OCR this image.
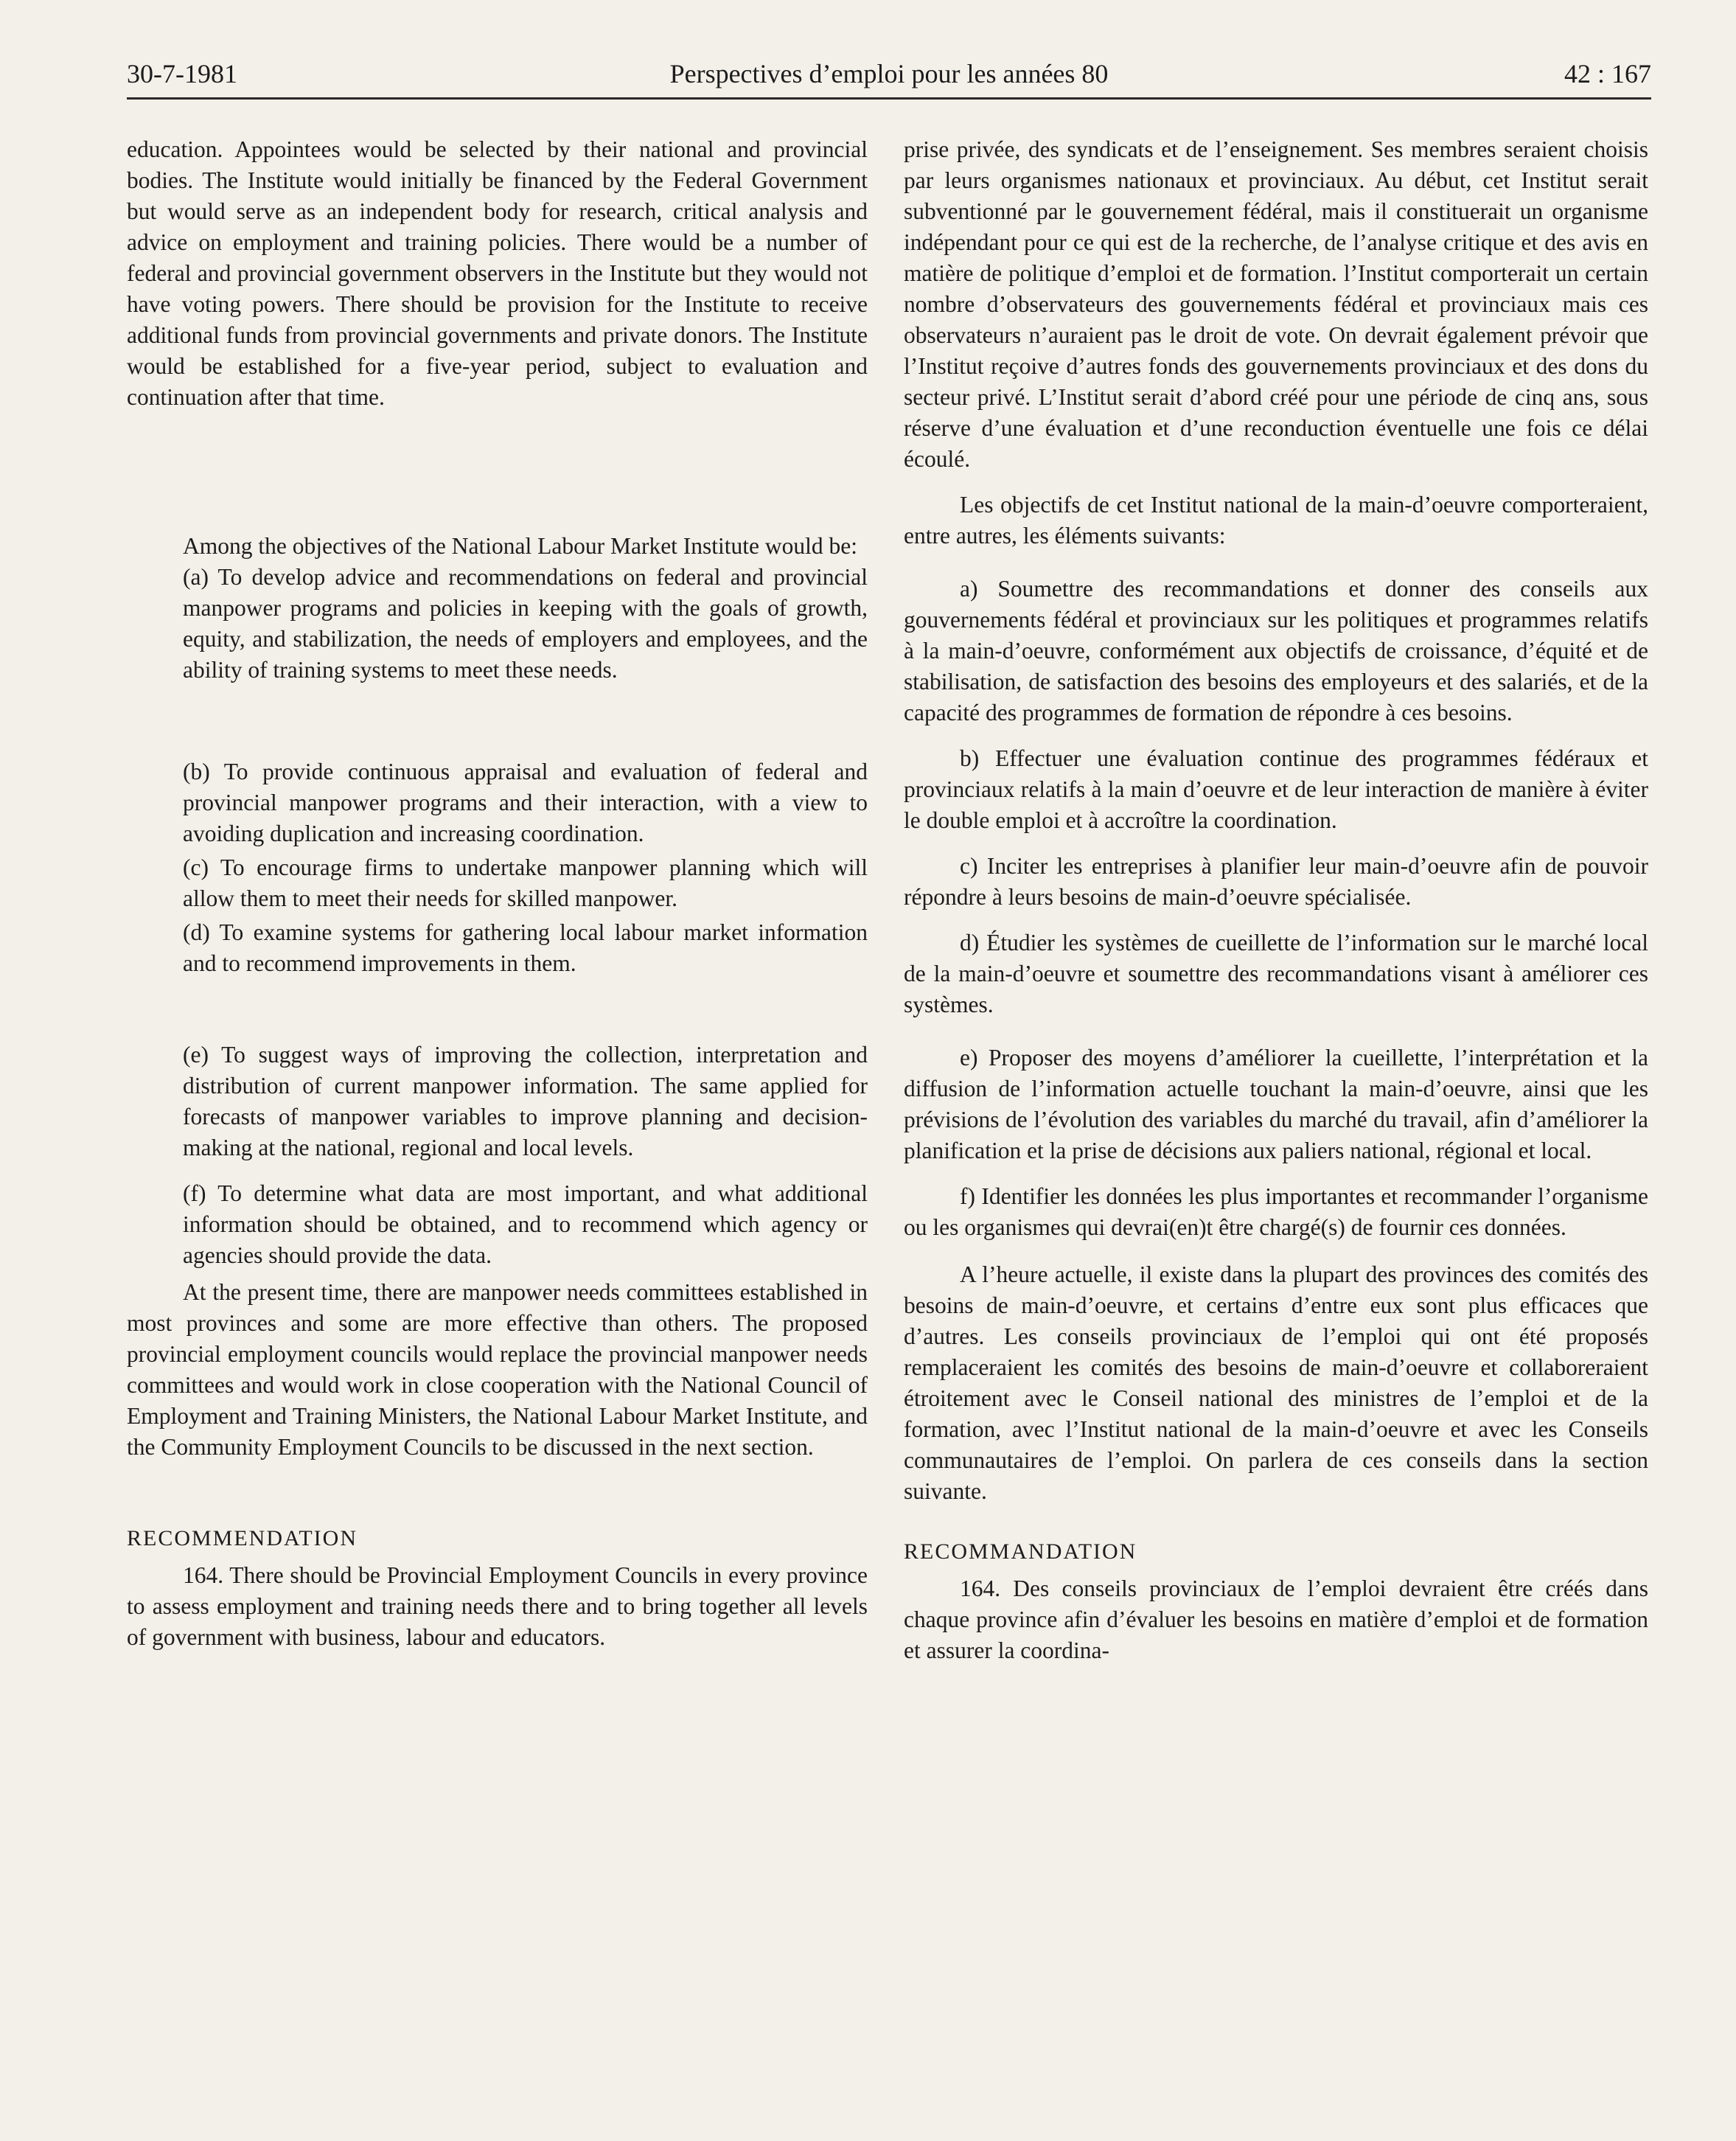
30-7-1981	Perspectives d’emploi pour les années 80	42 : 167

education. Appointees would be selected by their national and provincial bodies. The Institute would initially be financed by the Federal Government but would serve as an independent body for research, critical analysis and advice on employment and training policies. There would be a number of federal and provincial government observers in the Institute but they would not have voting powers. There should be provision for the Institute to receive additional funds from provincial governments and private donors. The Institute would be established for a five-year period, subject to evaluation and continuation after that time.

Among the objectives of the National Labour Market Institute would be:

(a) To develop advice and recommendations on federal and provincial manpower programs and policies in keeping with the goals of growth, equity, and stabilization, the needs of employers and employees, and the ability of training systems to meet these needs.

(b) To provide continuous appraisal and evaluation of federal and provincial manpower programs and their interaction, with a view to avoiding duplication and increasing coordination.

(c) To encourage firms to undertake manpower planning which will allow them to meet their needs for skilled manpower.

(d) To examine systems for gathering local labour market information and to recommend improvements in them.

(e) To suggest ways of improving the collection, interpretation and distribution of current manpower information. The same applied for forecasts of manpower variables to improve planning and decision-making at the national, regional and local levels.

(f) To determine what data are most important, and what additional information should be obtained, and to recommend which agency or agencies should provide the data.

At the present time, there are manpower needs committees established in most provinces and some are more effective than others. The proposed provincial employment councils would replace the provincial manpower needs committees and would work in close cooperation with the National Council of Employment and Training Ministers, the National Labour Market Institute, and the Community Employment Councils to be discussed in the next section.

RECOMMENDATION

164. There should be Provincial Employment Councils in every province to assess employment and training needs there and to bring together all levels of government with business, labour and educators.

prise privée, des syndicats et de l’enseignement. Ses membres seraient choisis par leurs organismes nationaux et provinciaux. Au début, cet Institut serait subventionné par le gouvernement fédéral, mais il constituerait un organisme indépendant pour ce qui est de la recherche, de l’analyse critique et des avis en matière de politique d’emploi et de formation. l’Institut comporterait un certain nombre d’observateurs des gouvernements fédéral et provinciaux mais ces observateurs n’auraient pas le droit de vote. On devrait également prévoir que l’Institut reçoive d’autres fonds des gouvernements provinciaux et des dons du secteur privé. L’Institut serait d’abord créé pour une période de cinq ans, sous réserve d’une évaluation et d’une reconduction éventuelle une fois ce délai écoulé.

Les objectifs de cet Institut national de la main-d’oeuvre comporteraient, entre autres, les éléments suivants:

a) Soumettre des recommandations et donner des conseils aux gouvernements fédéral et provinciaux sur les politiques et programmes relatifs à la main-d’oeuvre, conformément aux objectifs de croissance, d’équité et de stabilisation, de satisfaction des besoins des employeurs et des salariés, et de la capacité des programmes de formation de répondre à ces besoins.

b) Effectuer une évaluation continue des programmes fédéraux et provinciaux relatifs à la main d’oeuvre et de leur interaction de manière à éviter le double emploi et à accroître la coordination.

c) Inciter les entreprises à planifier leur main-d’oeuvre afin de pouvoir répondre à leurs besoins de main-d’oeuvre spécialisée.

d) Étudier les systèmes de cueillette de l’information sur le marché local de la main-d’oeuvre et soumettre des recommandations visant à améliorer ces systèmes.

e) Proposer des moyens d’améliorer la cueillette, l’interprétation et la diffusion de l’information actuelle touchant la main-d’oeuvre, ainsi que les prévisions de l’évolution des variables du marché du travail, afin d’améliorer la planification et la prise de décisions aux paliers national, régional et local.

f) Identifier les données les plus importantes et recommander l’organisme ou les organismes qui devrai(en)t être chargé(s) de fournir ces données.

A l’heure actuelle, il existe dans la plupart des provinces des comités des besoins de main-d’oeuvre, et certains d’entre eux sont plus efficaces que d’autres. Les conseils provinciaux de l’emploi qui ont été proposés remplaceraient les comités des besoins de main-d’oeuvre et collaboreraient étroitement avec le Conseil national des ministres de l’emploi et de la formation, avec l’Institut national de la main-d’oeuvre et avec les Conseils communautaires de l’emploi. On parlera de ces conseils dans la section suivante.

RECOMMANDATION

164. Des conseils provinciaux de l’emploi devraient être créés dans chaque province afin d’évaluer les besoins en matière d’emploi et de formation et assurer la coordina-
